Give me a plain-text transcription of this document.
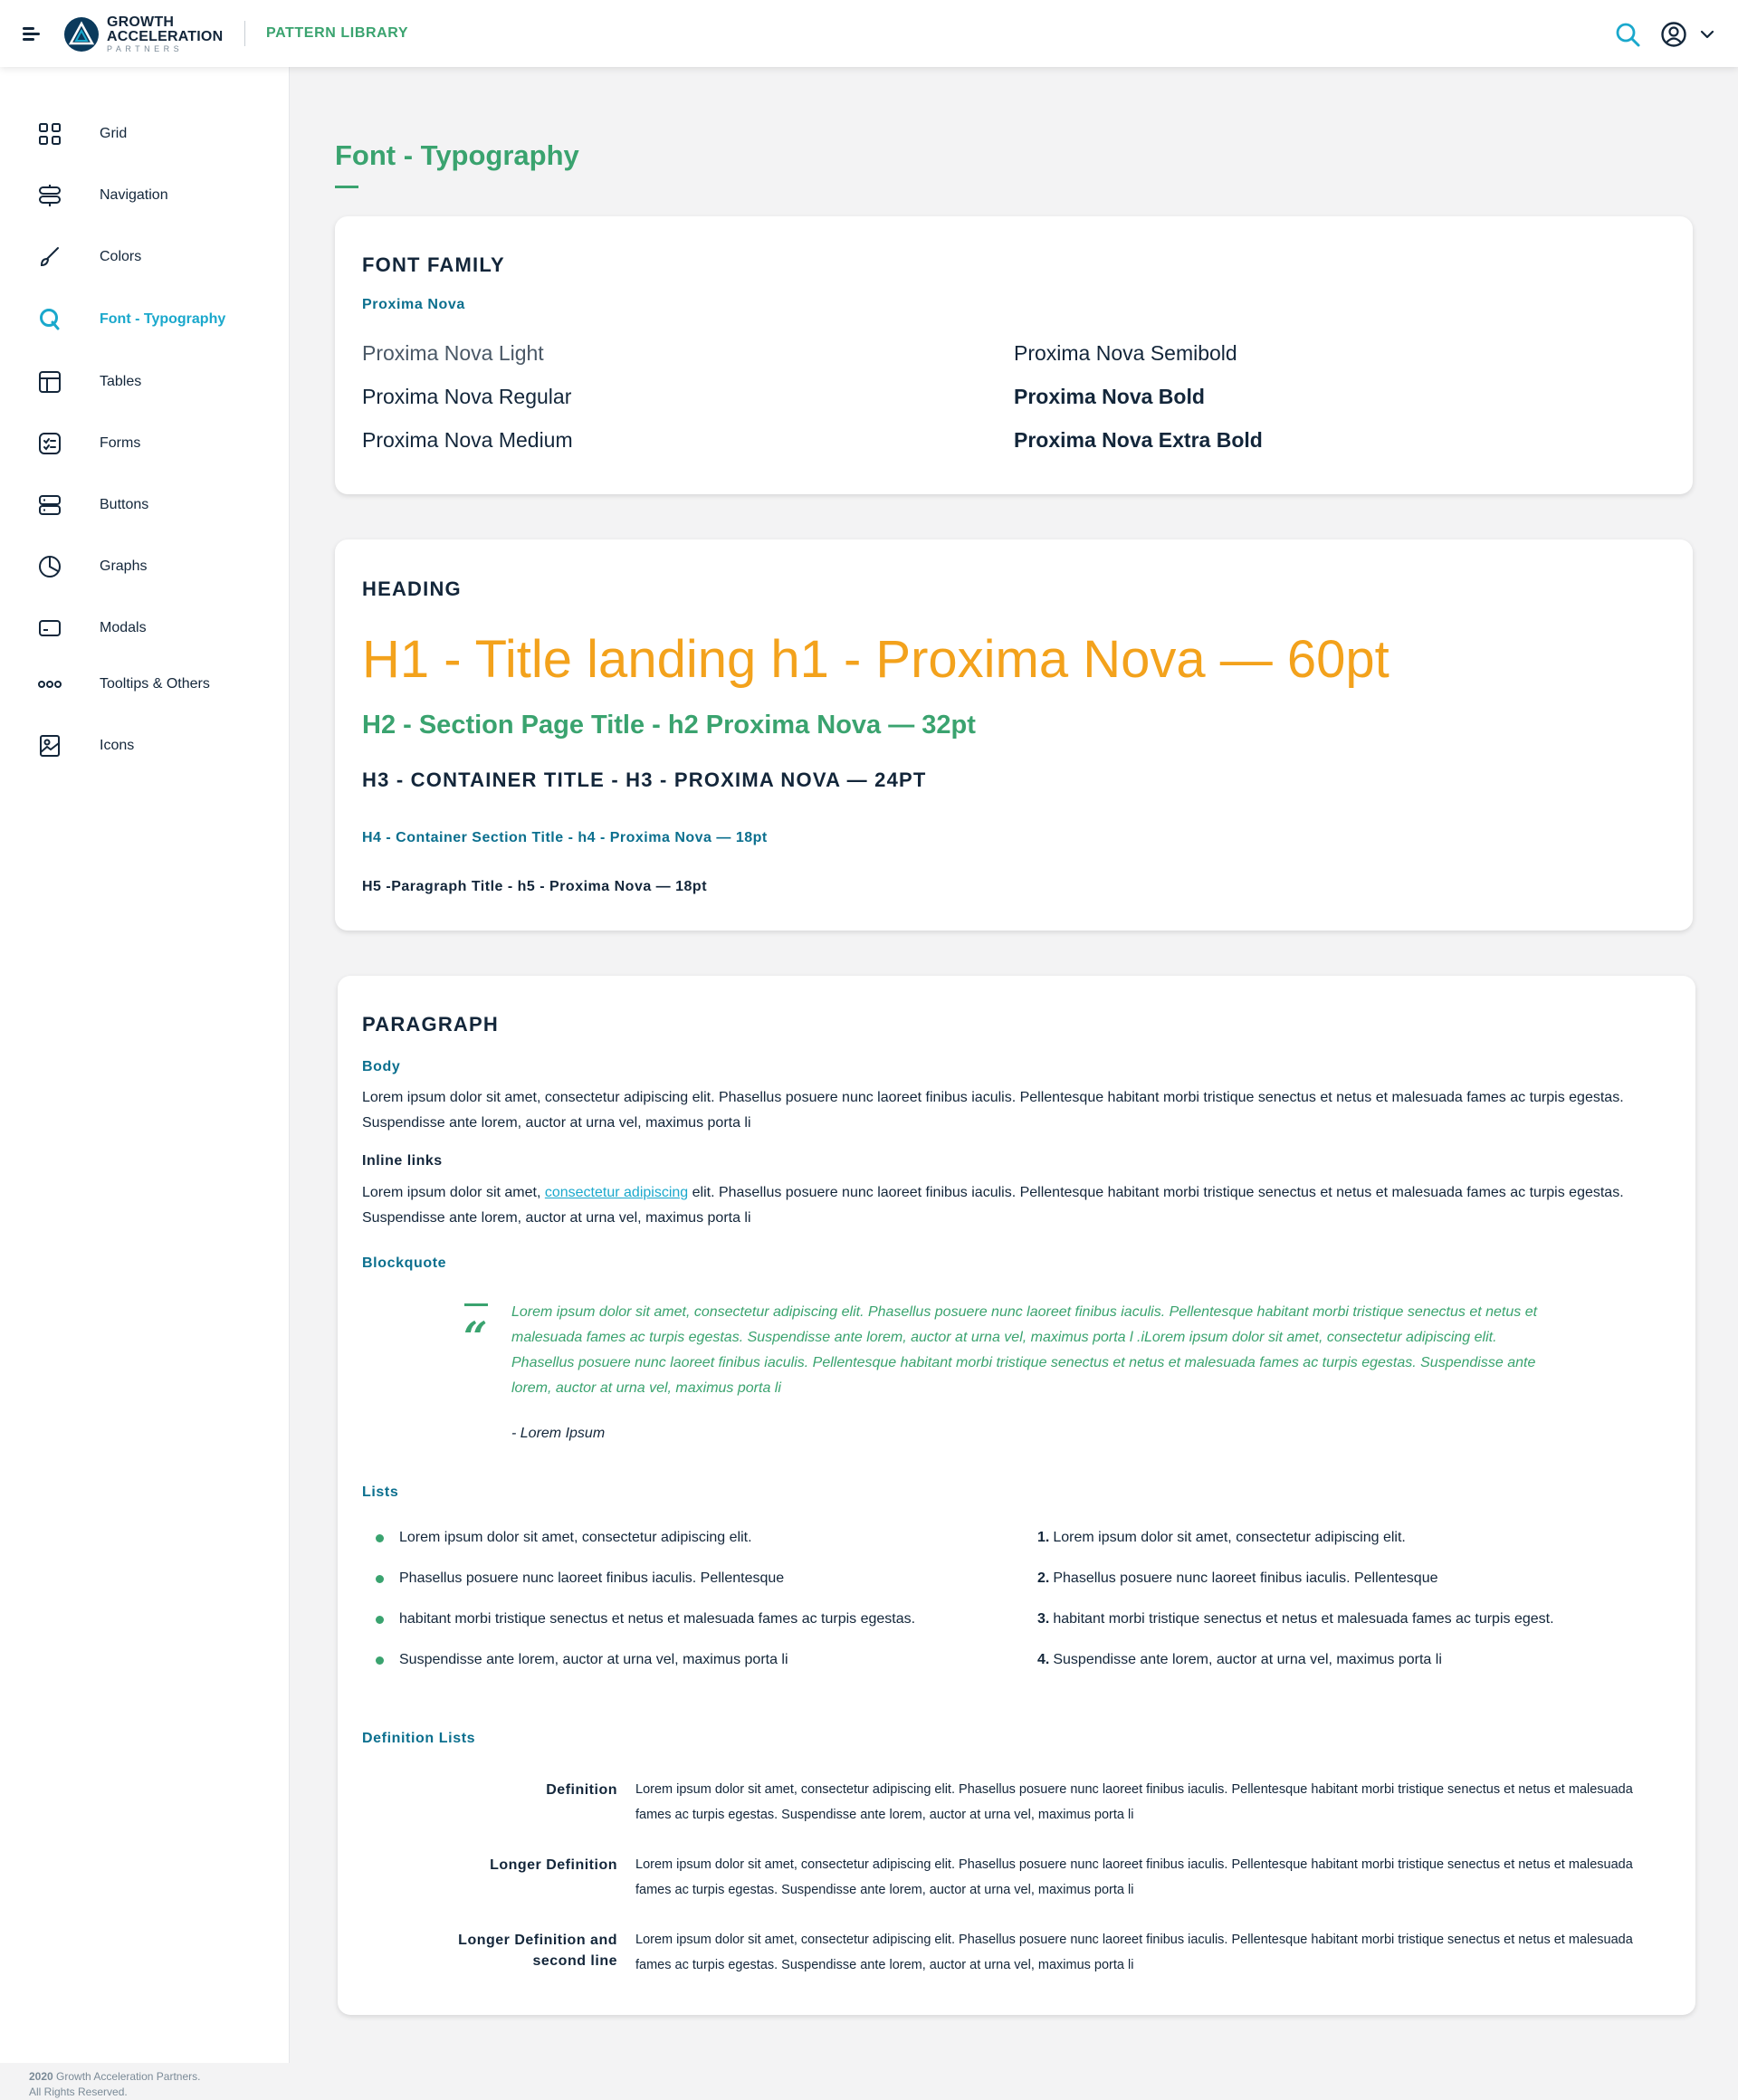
GROWTH
ACCELERATION
PARTNERS
PATTERN LIBRARY
Grid
Navigation
Colors
Font - Typography
Tables
Forms
Buttons
Graphs
Modals
Tooltips & Others
Icons
2020 Growth Acceleration Partners.
All Rights Reserved.
Font - Typography
FONT FAMILY
Proxima Nova
Proxima Nova Light
Proxima Nova Regular
Proxima Nova Medium
Proxima Nova Semibold
Proxima Nova Bold
Proxima Nova Extra Bold
HEADING
H1 - Title landing h1 - Proxima Nova — 60pt
H2 - Section Page Title - h2 Proxima Nova — 32pt
H3 - CONTAINER TITLE - H3 - PROXIMA NOVA — 24PT
H4 - Container Section Title - h4 - Proxima Nova — 18pt
H5 -Paragraph Title - h5 - Proxima Nova — 18pt
PARAGRAPH
Body
Lorem ipsum dolor sit amet, consectetur adipiscing elit. Phasellus posuere nunc laoreet finibus iaculis. Pellentesque habitant morbi tristique senectus et netus et malesuada fames ac turpis egestas. Suspendisse ante lorem, auctor at urna vel, maximus porta li
Inline links
Lorem ipsum dolor sit amet, consectetur adipiscing elit. Phasellus posuere nunc laoreet finibus iaculis. Pellentesque habitant morbi tristique senectus et netus et malesuada fames ac turpis egestas. Suspendisse ante lorem, auctor at urna vel, maximus porta li
Blockquote
“
Lorem ipsum dolor sit amet, consectetur adipiscing elit. Phasellus posuere nunc laoreet finibus iaculis. Pellentesque habitant morbi tristique senectus et netus et malesuada fames ac turpis egestas. Suspendisse ante lorem, auctor at urna vel, maximus porta l .iLorem ipsum dolor sit amet, consectetur adipiscing elit. Phasellus posuere nunc laoreet finibus iaculis. Pellentesque habitant morbi tristique senectus et netus et malesuada fames ac turpis egestas. Suspendisse ante lorem, auctor at urna vel, maximus porta li
- Lorem Ipsum
Lists
Lorem ipsum dolor sit amet, consectetur adipiscing elit.
Phasellus posuere nunc laoreet finibus iaculis. Pellentesque
habitant morbi tristique senectus et netus et malesuada fames ac turpis egestas.
Suspendisse ante lorem, auctor at urna vel, maximus porta li
1. Lorem ipsum dolor sit amet, consectetur adipiscing elit.
2. Phasellus posuere nunc laoreet finibus iaculis. Pellentesque
3. habitant morbi tristique senectus et netus et malesuada fames ac turpis egest.
4. Suspendisse ante lorem, auctor at urna vel, maximus porta li
Definition Lists
Definition Lorem ipsum dolor sit amet, consectetur adipiscing elit. Phasellus posuere nunc laoreet finibus iaculis. Pellentesque habitant morbi tristique senectus et netus et malesuada fames ac turpis egestas. Suspendisse ante lorem, auctor at urna vel, maximus porta li
Longer Definition Lorem ipsum dolor sit amet, consectetur adipiscing elit. Phasellus posuere nunc laoreet finibus iaculis. Pellentesque habitant morbi tristique senectus et netus et malesuada fames ac turpis egestas. Suspendisse ante lorem, auctor at urna vel, maximus porta li
Longer Definition and second line
Lorem ipsum dolor sit amet, consectetur adipiscing elit. Phasellus posuere nunc laoreet finibus iaculis. Pellentesque habitant morbi tristique senectus et netus et malesuada fames ac turpis egestas. Suspendisse ante lorem, auctor at urna vel, maximus porta li
